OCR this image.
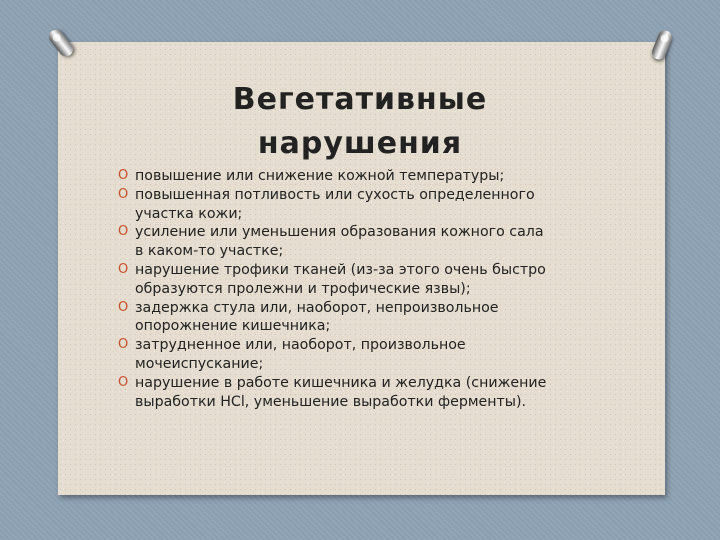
Вегетативные
нарушения
O повышение или снижение кожной температуры;
O повышенная потливость или сухость определенного
участка кожи;
O усиление или уменьшения образования кожного сала
в каком-то участке;
O нарушение трофики тканей (из-за этого очень быстро
образуются пролежни и трофические язвы);
O задержка стула или, наоборот, непроизвольное
опорожнение кишечника;
O затрудненное или, наоборот, произвольное
мочеиспускание;
O нарушение в работе кишечника и желудка (снижение
выработки HCl, уменьшение выработки ферменты).
